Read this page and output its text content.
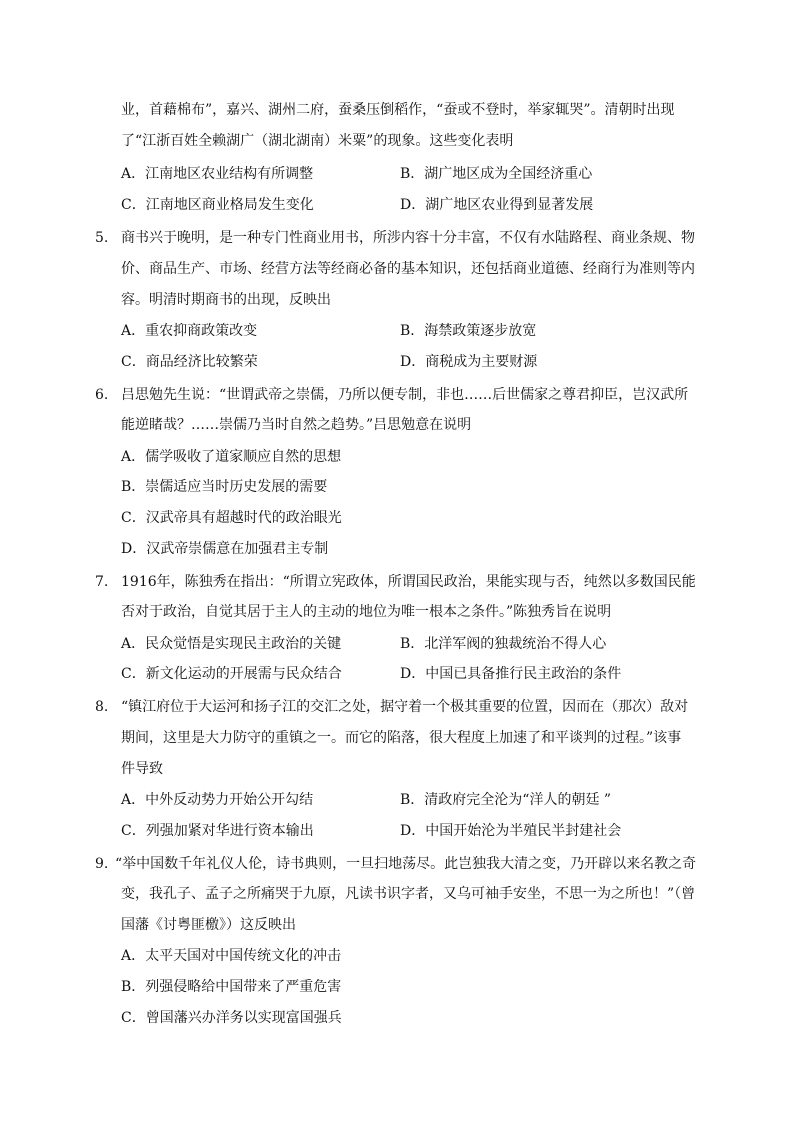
业，首藉棉布”，嘉兴、湖州二府，蚕桑压倒稻作，“蚕或不登时，举家辄哭”。清朝时出现
了“江浙百姓全赖湖广（湖北湖南）米粟”的现象。这些变化表明
A．江南地区农业结构有所调整	B．湖广地区成为全国经济重心
C．江南地区商业格局发生变化	D．湖广地区农业得到显著发展
5. 商书兴于晚明，是一种专门性商业用书，所涉内容十分丰富，不仅有水陆路程、商业条规、物
价、商品生产、市场、经营方法等经商必备的基本知识，还包括商业道德、经商行为准则等内
容。明清时期商书的出现，反映出
A．重农抑商政策改变	B．海禁政策逐步放宽
C．商品经济比较繁荣	D．商税成为主要财源
6. 吕思勉先生说：“世谓武帝之崇儒，乃所以便专制，非也……后世儒家之尊君抑臣，岂汉武所
能逆睹哉？……崇儒乃当时自然之趋势。”吕思勉意在说明
A．儒学吸收了道家顺应自然的思想
B．崇儒适应当时历史发展的需要
C．汉武帝具有超越时代的政治眼光
D．汉武帝崇儒意在加强君主专制
7. 1916年，陈独秀在指出：“所谓立宪政体，所谓国民政治，果能实现与否，纯然以多数国民能
否对于政治，自觉其居于主人的主动的地位为唯一根本之条件。”陈独秀旨在说明
A．民众觉悟是实现民主政治的关键	B．北洋军阀的独裁统治不得人心
C．新文化运动的开展需与民众结合	D．中国已具备推行民主政治的条件
8. “镇江府位于大运河和扬子江的交汇之处，据守着一个极其重要的位置，因而在（那次）敌对
期间，这里是大力防守的重镇之一。而它的陷落，很大程度上加速了和平谈判的过程。”该事
件导致
A．中外反动势力开始公开勾结	B．清政府完全沦为“洋人的朝廷 ”
C．列强加紧对华进行资本输出	D．中国开始沦为半殖民半封建社会
9. “举中国数千年礼仪人伦，诗书典则，一旦扫地荡尽。此岂独我大清之变，乃开辟以来名教之奇
变，我孔子、孟子之所痛哭于九原，凡读书识字者，又乌可袖手安坐，不思一为之所也！”（曾
国藩《讨粤匪檄》）这反映出
A．太平天国对中国传统文化的冲击
B．列强侵略给中国带来了严重危害
C．曾国藩兴办洋务以实现富国强兵
